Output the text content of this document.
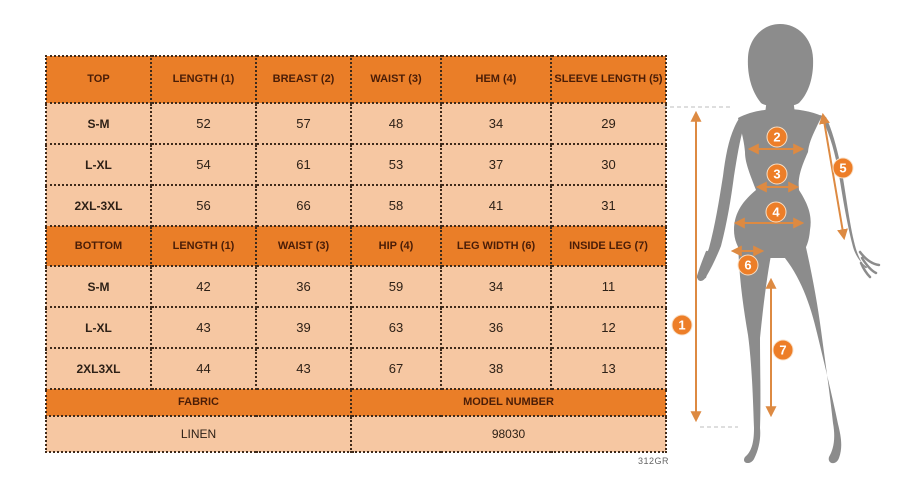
TOP	LENGTH (1)	BREAST (2)	WAIST (3)	HEM (4)	SLEEVE LENGTH (5)
S-M	52	57	48	34	29
L-XL	54	61	53	37	30
2XL-3XL	56	66	58	41	31
BOTTOM	LENGTH (1)	WAIST (3)	HIP (4)	LEG WIDTH (6)	INSIDE LEG (7)
S-M	42	36	59	34	11
L-XL	43	39	63	36	12
2XL3XL	44	43	67	38	13
FABRIC			MODEL NUMBER		
LINEN			98030		
312GR
1
2
3
4
5
6
7
